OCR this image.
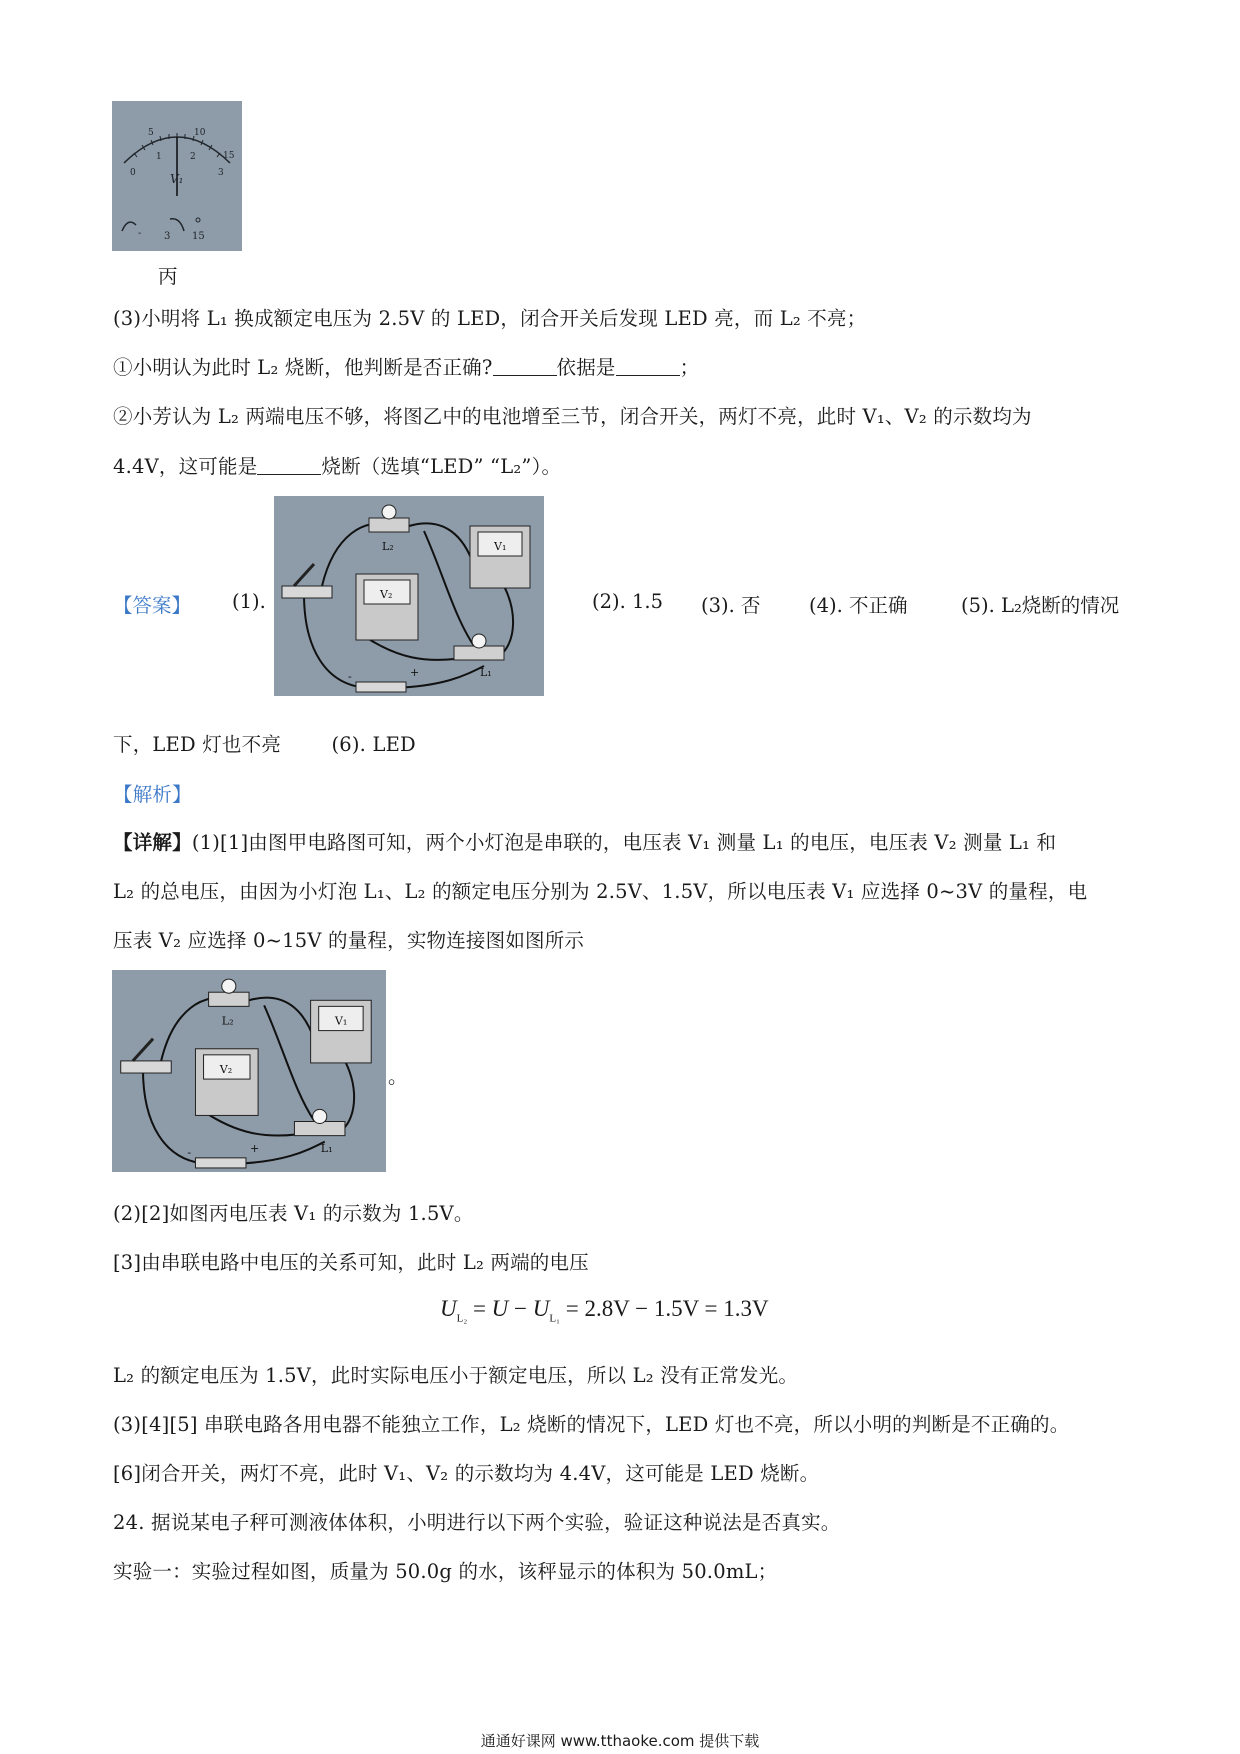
5	10
15
0
1	2
3
V₁
- 3 15
丙
(3)小明将 L₁ 换成额定电压为 2.5V 的 LED，闭合开关后发现 LED 亮，而 L₂ 不亮；
①小明认为此时 L₂ 烧断，他判断是否正确?	依据是	；
②小芳认为 L₂ 两端电压不够，将图乙中的电池增至三节，闭合开关，两灯不亮，此时 V₁、V₂ 的示数均为
4.4V，这可能是	烧断（选填“LED” “L₂”）。
【答案】 (1).
L₂	V₁
V₂
L₁
-	+
(2). 1.5 (3). 否 (4). 不正确	(5). L₂烧断的情况
下，LED 灯也不亮	(6). LED
【解析】
【详解】(1)[1]由图甲电路图可知，两个小灯泡是串联的，电压表 V₁ 测量 L₁ 的电压，电压表 V₂ 测量 L₁ 和
L₂ 的总电压，由因为小灯泡 L₁、L₂ 的额定电压分别为 2.5V、1.5V，所以电压表 V₁ 应选择 0~3V 的量程，电
压表 V₂ 应选择 0~15V 的量程，实物连接图如图所示
L₂	V₁
V₂
L₁
-	+
。
(2)[2]如图丙电压表 V₁ 的示数为 1.5V。
[3]由串联电路中电压的关系可知，此时 L₂ 两端的电压
$U_{L_2} = U - U_{L_1} = 2.8V - 1.5V = 1.3V$
L₂ 的额定电压为 1.5V，此时实际电压小于额定电压，所以 L₂ 没有正常发光。
(3)[4][5] 串联电路各用电器不能独立工作，L₂ 烧断的情况下，LED 灯也不亮，所以小明的判断是不正确的。
[6]闭合开关，两灯不亮，此时 V₁、V₂ 的示数均为 4.4V，这可能是 LED 烧断。
24. 据说某电子秤可测液体体积，小明进行以下两个实验，验证这种说法是否真实。
实验一：实验过程如图，质量为 50.0g 的水，该秤显示的体积为 50.0mL；
通通好课网 www.tthaoke.com 提供下载
